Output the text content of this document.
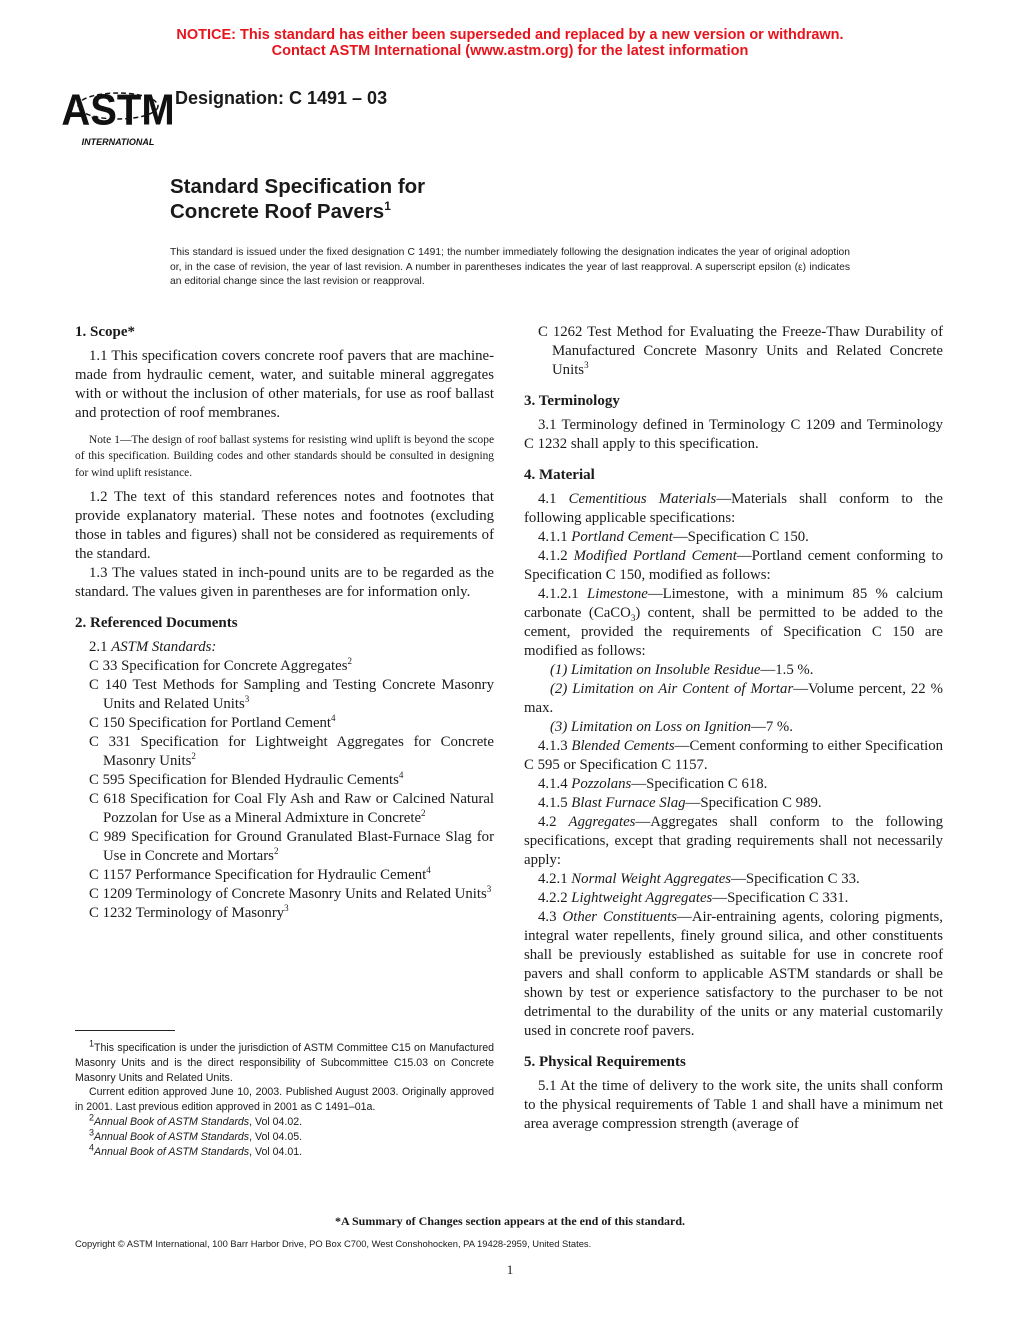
NOTICE: This standard has either been superseded and replaced by a new version or withdrawn.
Contact ASTM International (www.astm.org) for the latest information
ASTM
INTERNATIONAL
Designation: C 1491 – 03
Standard Specification for
Concrete Roof Pavers$^1$
This standard is issued under the fixed designation C 1491; the number immediately following the designation indicates the year of original adoption or, in the case of revision, the year of last revision. A number in parentheses indicates the year of last reapproval. A superscript epsilon (ε) indicates an editorial change since the last revision or reapproval.
1. Scope*

1.1 This specification covers concrete roof pavers that are machine-made from hydraulic cement, water, and suitable mineral aggregates with or without the inclusion of other materials, for use as roof ballast and protection of roof membranes.

Note 1—The design of roof ballast systems for resisting wind uplift is beyond the scope of this specification. Building codes and other standards should be consulted in designing for wind uplift resistance.

1.2 The text of this standard references notes and footnotes that provide explanatory material. These notes and footnotes (excluding those in tables and figures) shall not be considered as requirements of the standard.

1.3 The values stated in inch-pound units are to be regarded as the standard. The values given in parentheses are for information only.

2. Referenced Documents

2.1 ASTM Standards:

C 33 Specification for Concrete Aggregates$^2$

C 140 Test Methods for Sampling and Testing Concrete Masonry Units and Related Units$^3$

C 150 Specification for Portland Cement$^4$

C 331 Specification for Lightweight Aggregates for Concrete Masonry Units$^2$

C 595 Specification for Blended Hydraulic Cements$^4$

C 618 Specification for Coal Fly Ash and Raw or Calcined Natural Pozzolan for Use as a Mineral Admixture in Concrete$^2$

C 989 Specification for Ground Granulated Blast-Furnace Slag for Use in Concrete and Mortars$^2$

C 1157 Performance Specification for Hydraulic Cement$^4$

C 1209 Terminology of Concrete Masonry Units and Related Units$^3$

C 1232 Terminology of Masonry$^3$

$^1$This specification is under the jurisdiction of ASTM Committee C15 on Manufactured Masonry Units and is the direct responsibility of Subcommittee C15.03 on Concrete Masonry Units and Related Units.

Current edition approved June 10, 2003. Published August 2003. Originally approved in 2001. Last previous edition approved in 2001 as C 1491–01a.

$^2$Annual Book of ASTM Standards, Vol 04.02.

$^3$Annual Book of ASTM Standards, Vol 04.05.

$^4$Annual Book of ASTM Standards, Vol 04.01.

C 1262 Test Method for Evaluating the Freeze-Thaw Durability of Manufactured Concrete Masonry Units and Related Concrete Units$^3$

3. Terminology

3.1 Terminology defined in Terminology C 1209 and Terminology C 1232 shall apply to this specification.

4. Material

4.1 Cementitious Materials—Materials shall conform to the following applicable specifications:

4.1.1 Portland Cement—Specification C 150.

4.1.2 Modified Portland Cement—Portland cement conforming to Specification C 150, modified as follows:

4.1.2.1 Limestone—Limestone, with a minimum 85 % calcium carbonate (CaCO$_3$) content, shall be permitted to be added to the cement, provided the requirements of Specification C 150 are modified as follows:

(1) Limitation on Insoluble Residue—1.5 %.

(2) Limitation on Air Content of Mortar—Volume percent, 22 % max.

(3) Limitation on Loss on Ignition—7 %.

4.1.3 Blended Cements—Cement conforming to either Specification C 595 or Specification C 1157.

4.1.4 Pozzolans—Specification C 618.

4.1.5 Blast Furnace Slag—Specification C 989.

4.2 Aggregates—Aggregates shall conform to the following specifications, except that grading requirements shall not necessarily apply:

4.2.1 Normal Weight Aggregates—Specification C 33.

4.2.2 Lightweight Aggregates—Specification C 331.

4.3 Other Constituents—Air-entraining agents, coloring pigments, integral water repellents, finely ground silica, and other constituents shall be previously established as suitable for use in concrete roof pavers and shall conform to applicable ASTM standards or shall be shown by test or experience satisfactory to the purchaser to be not detrimental to the durability of the units or any material customarily used in concrete roof pavers.

5. Physical Requirements

5.1 At the time of delivery to the work site, the units shall conform to the physical requirements of Table 1 and shall have a minimum net area average compression strength (average of

*A Summary of Changes section appears at the end of this standard.
Copyright © ASTM International, 100 Barr Harbor Drive, PO Box C700, West Conshohocken, PA 19428-2959, United States.
1
